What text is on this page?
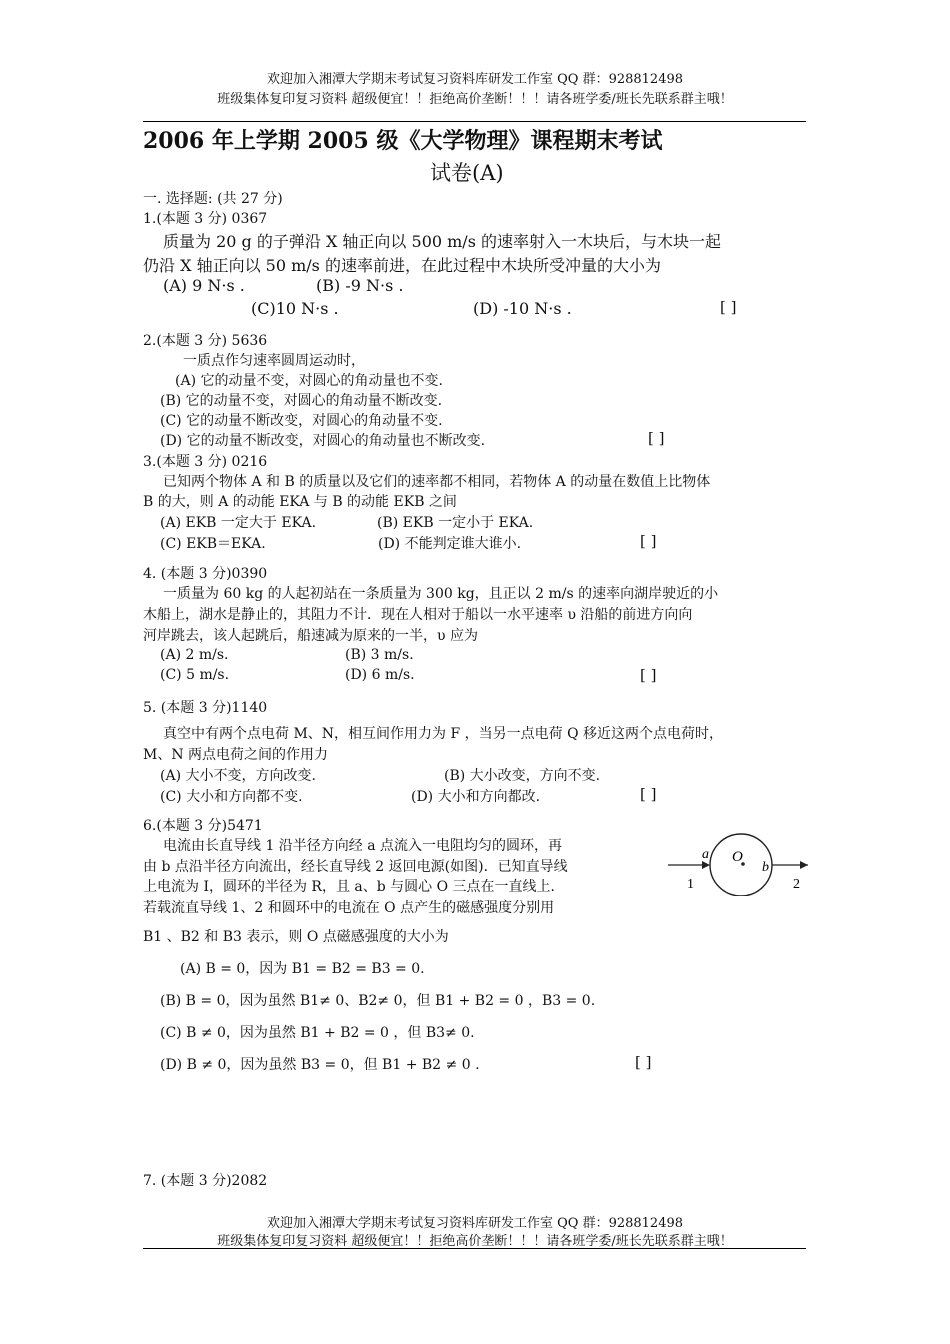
欢迎加入湘潭大学期末考试复习资料库研发工作室 QQ 群：928812498
班级集体复印复习资料 超级便宜！！拒绝高价垄断！！！请各班学委/班长先联系群主哦！
2006 年上学期 2005 级《大学物理》课程期末考试
试卷(A)
一. 选择题: (共 27 分)
1.(本题 3 分) 0367
质量为 20 g 的子弹沿 X 轴正向以 500 m/s 的速率射入一木块后，与木块一起
仍沿 X 轴正向以 50 m/s 的速率前进，在此过程中木块所受冲量的大小为
(A) 9 N·s .	(B) -9 N·s .
(C)10 N·s .	(D) -10 N·s .	[ ]
2.(本题 3 分) 5636
一质点作匀速率圆周运动时，
(A) 它的动量不变，对圆心的角动量也不变.
(B) 它的动量不变，对圆心的角动量不断改变.
(C) 它的动量不断改变，对圆心的角动量不变.
(D) 它的动量不断改变，对圆心的角动量也不断改变.	[ ]
3.(本题 3 分) 0216
已知两个物体 A 和 B 的质量以及它们的速率都不相同，若物体 A 的动量在数值上比物体
B 的大，则 A 的动能 EKA 与 B 的动能 EKB 之间
(A) EKB 一定大于 EKA.	(B) EKB 一定小于 EKA.
(C) EKB＝EKA.	(D) 不能判定谁大谁小.	[ ]
4. (本题 3 分)0390
一质量为 60 kg 的人起初站在一条质量为 300 kg，且正以 2 m/s 的速率向湖岸驶近的小
木船上，湖水是静止的，其阻力不计．现在人相对于船以一水平速率 υ 沿船的前进方向向
河岸跳去，该人起跳后，船速减为原来的一半，υ 应为
(A) 2 m/s.	(B) 3 m/s.
(C) 5 m/s.	(D) 6 m/s.	[ ]
5. (本题 3 分)1140
真空中有两个点电荷 M、N，相互间作用力为 F ，当另一点电荷 Q 移近这两个点电荷时，
M、N 两点电荷之间的作用力
(A) 大小不变，方向改变.	(B) 大小改变，方向不变.
(C) 大小和方向都不变.	(D) 大小和方向都改.	[ ]
6.(本题 3 分)5471
电流由长直导线 1 沿半径方向经 a 点流入一电阻均匀的圆环，再
由 b 点沿半径方向流出，经长直导线 2 返回电源(如图)．已知直导线
上电流为 I，圆环的半径为 R，且 a、b 与圆心 O 三点在一直线上．
若载流直导线 1、2 和圆环中的电流在 O 点产生的磁感强度分别用
B1 、B2 和 B3 表示，则 O 点磁感强度的大小为
a O
b
1	2
(A) B = 0，因为 B1 = B2 = B3 = 0.
(B) B = 0，因为虽然 B1≠ 0、B2≠ 0，但 B1 + B2 = 0 ，B3 = 0.
(C) B ≠ 0，因为虽然 B1 + B2 = 0 ，但 B3≠ 0.
(D) B ≠ 0，因为虽然 B3 = 0，但 B1 + B2 ≠ 0 .	[ ]
7. (本题 3 分)2082
欢迎加入湘潭大学期末考试复习资料库研发工作室 QQ 群：928812498
班级集体复印复习资料 超级便宜！！拒绝高价垄断！！！请各班学委/班长先联系群主哦！
